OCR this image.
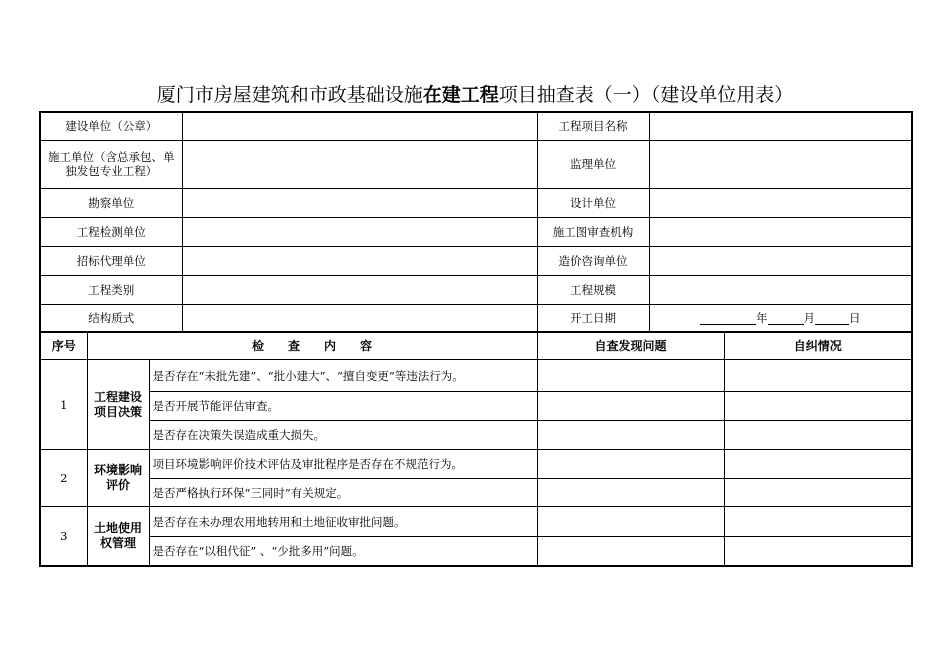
厦门市房屋建筑和市政基础设施在建工程项目抽查表（一）（建设单位用表）
建设单位（公章）		工程项目名称	
施工单位（含总承包、单独发包专业工程）		监理单位	
勘察单位		设计单位	
工程检测单位		施工图审查机构	
招标代理单位		造价咨询单位	
工程类别		工程规模	
结构质式		开工日期	年 月 日
序号	检　　查　　内　　容		自查发现问题	自纠情况
1	工程建设项目决策	是否存在“未批先建”、“批小建大”、“擅自变更”等违法行为。		
		是否开展节能评估审查。		
		是否存在决策失误造成重大损失。		
2	环境影响评价	项目环境影响评价技术评估及审批程序是否存在不规范行为。		
		是否严格执行环保“三同时”有关规定。		
3	土地使用权管理	是否存在未办理农用地转用和土地征收审批问题。		
		是否存在“以租代征” 、“少批多用”问题。		
